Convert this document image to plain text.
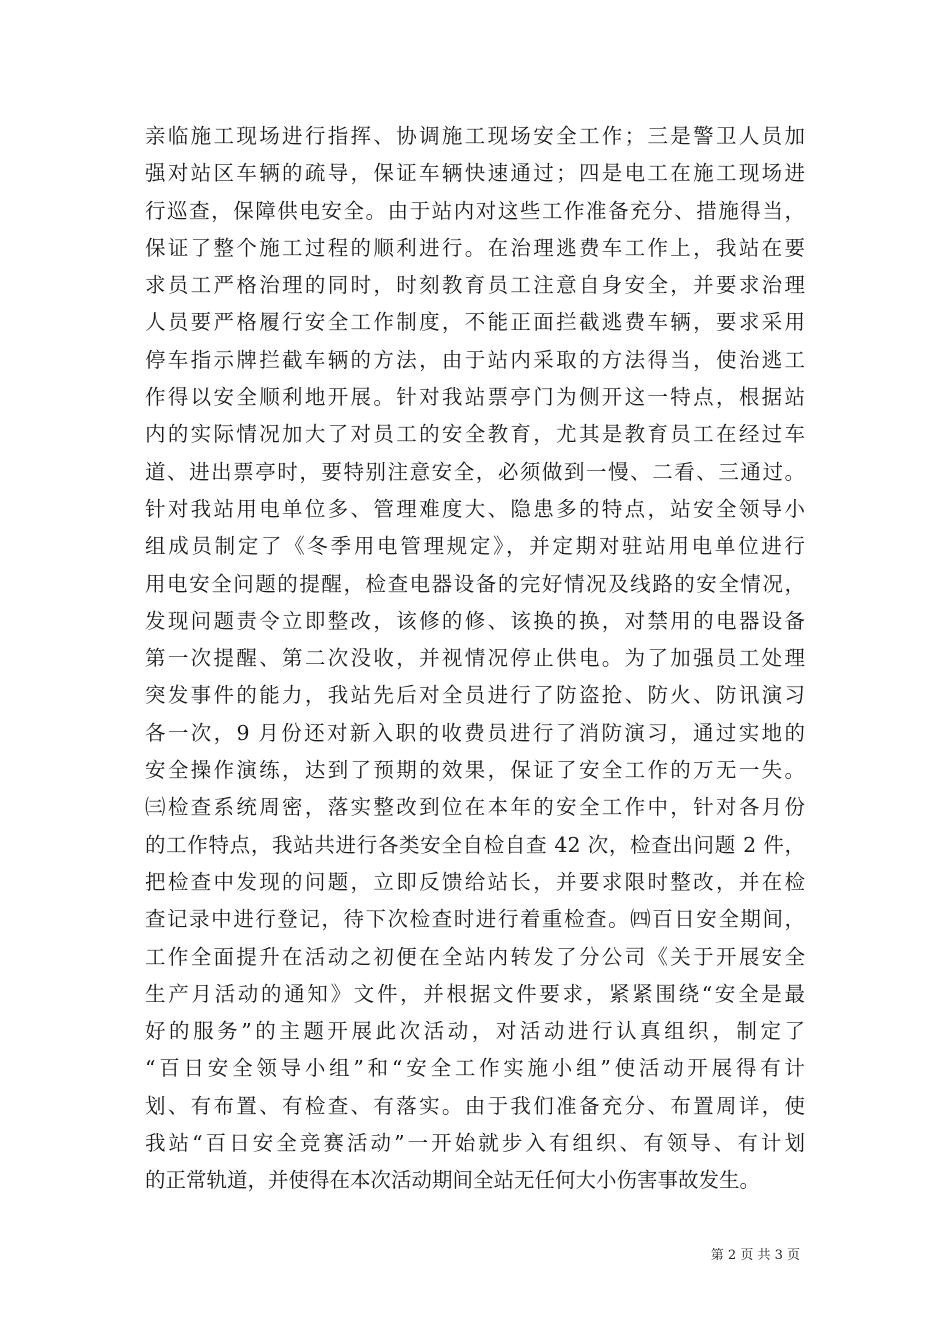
亲临施工现场进行指挥、协调施工现场安全工作；三是警卫人员加
强对站区车辆的疏导，保证车辆快速通过；四是电工在施工现场进
行巡查，保障供电安全。由于站内对这些工作准备充分、措施得当，
保证了整个施工过程的顺利进行。在治理逃费车工作上，我站在要
求员工严格治理的同时，时刻教育员工注意自身安全，并要求治理
人员要严格履行安全工作制度，不能正面拦截逃费车辆，要求采用
停车指示牌拦截车辆的方法，由于站内采取的方法得当，使治逃工
作得以安全顺利地开展。针对我站票亭门为侧开这一特点，根据站
内的实际情况加大了对员工的安全教育，尤其是教育员工在经过车
道、进出票亭时，要特别注意安全，必须做到一慢、二看、三通过。
针对我站用电单位多、管理难度大、隐患多的特点，站安全领导小
组成员制定了《冬季用电管理规定》，并定期对驻站用电单位进行
用电安全问题的提醒，检查电器设备的完好情况及线路的安全情况，
发现问题责令立即整改，该修的修、该换的换，对禁用的电器设备
第一次提醒、第二次没收，并视情况停止供电。为了加强员工处理
突发事件的能力，我站先后对全员进行了防盗抢、防火、防讯演习
各一次，9 月份还对新入职的收费员进行了消防演习，通过实地的
安全操作演练，达到了预期的效果，保证了安全工作的万无一失。
㈢检查系统周密，落实整改到位在本年的安全工作中，针对各月份
的工作特点，我站共进行各类安全自检自查 42 次，检查出问题 2 件，
把检查中发现的问题，立即反馈给站长，并要求限时整改，并在检
查记录中进行登记，待下次检查时进行着重检查。㈣百日安全期间，
工作全面提升在活动之初便在全站内转发了分公司《关于开展安全
生产月活动的通知》文件，并根据文件要求，紧紧围绕“安全是最
好的服务”的主题开展此次活动，对活动进行认真组织，制定了
“百日安全领导小组”和“安全工作实施小组”使活动开展得有计
划、有布置、有检查、有落实。由于我们准备充分、布置周详，使
我站“百日安全竞赛活动”一开始就步入有组织、有领导、有计划
的正常轨道，并使得在本次活动期间全站无任何大小伤害事故发生。
第 2 页 共 3 页
